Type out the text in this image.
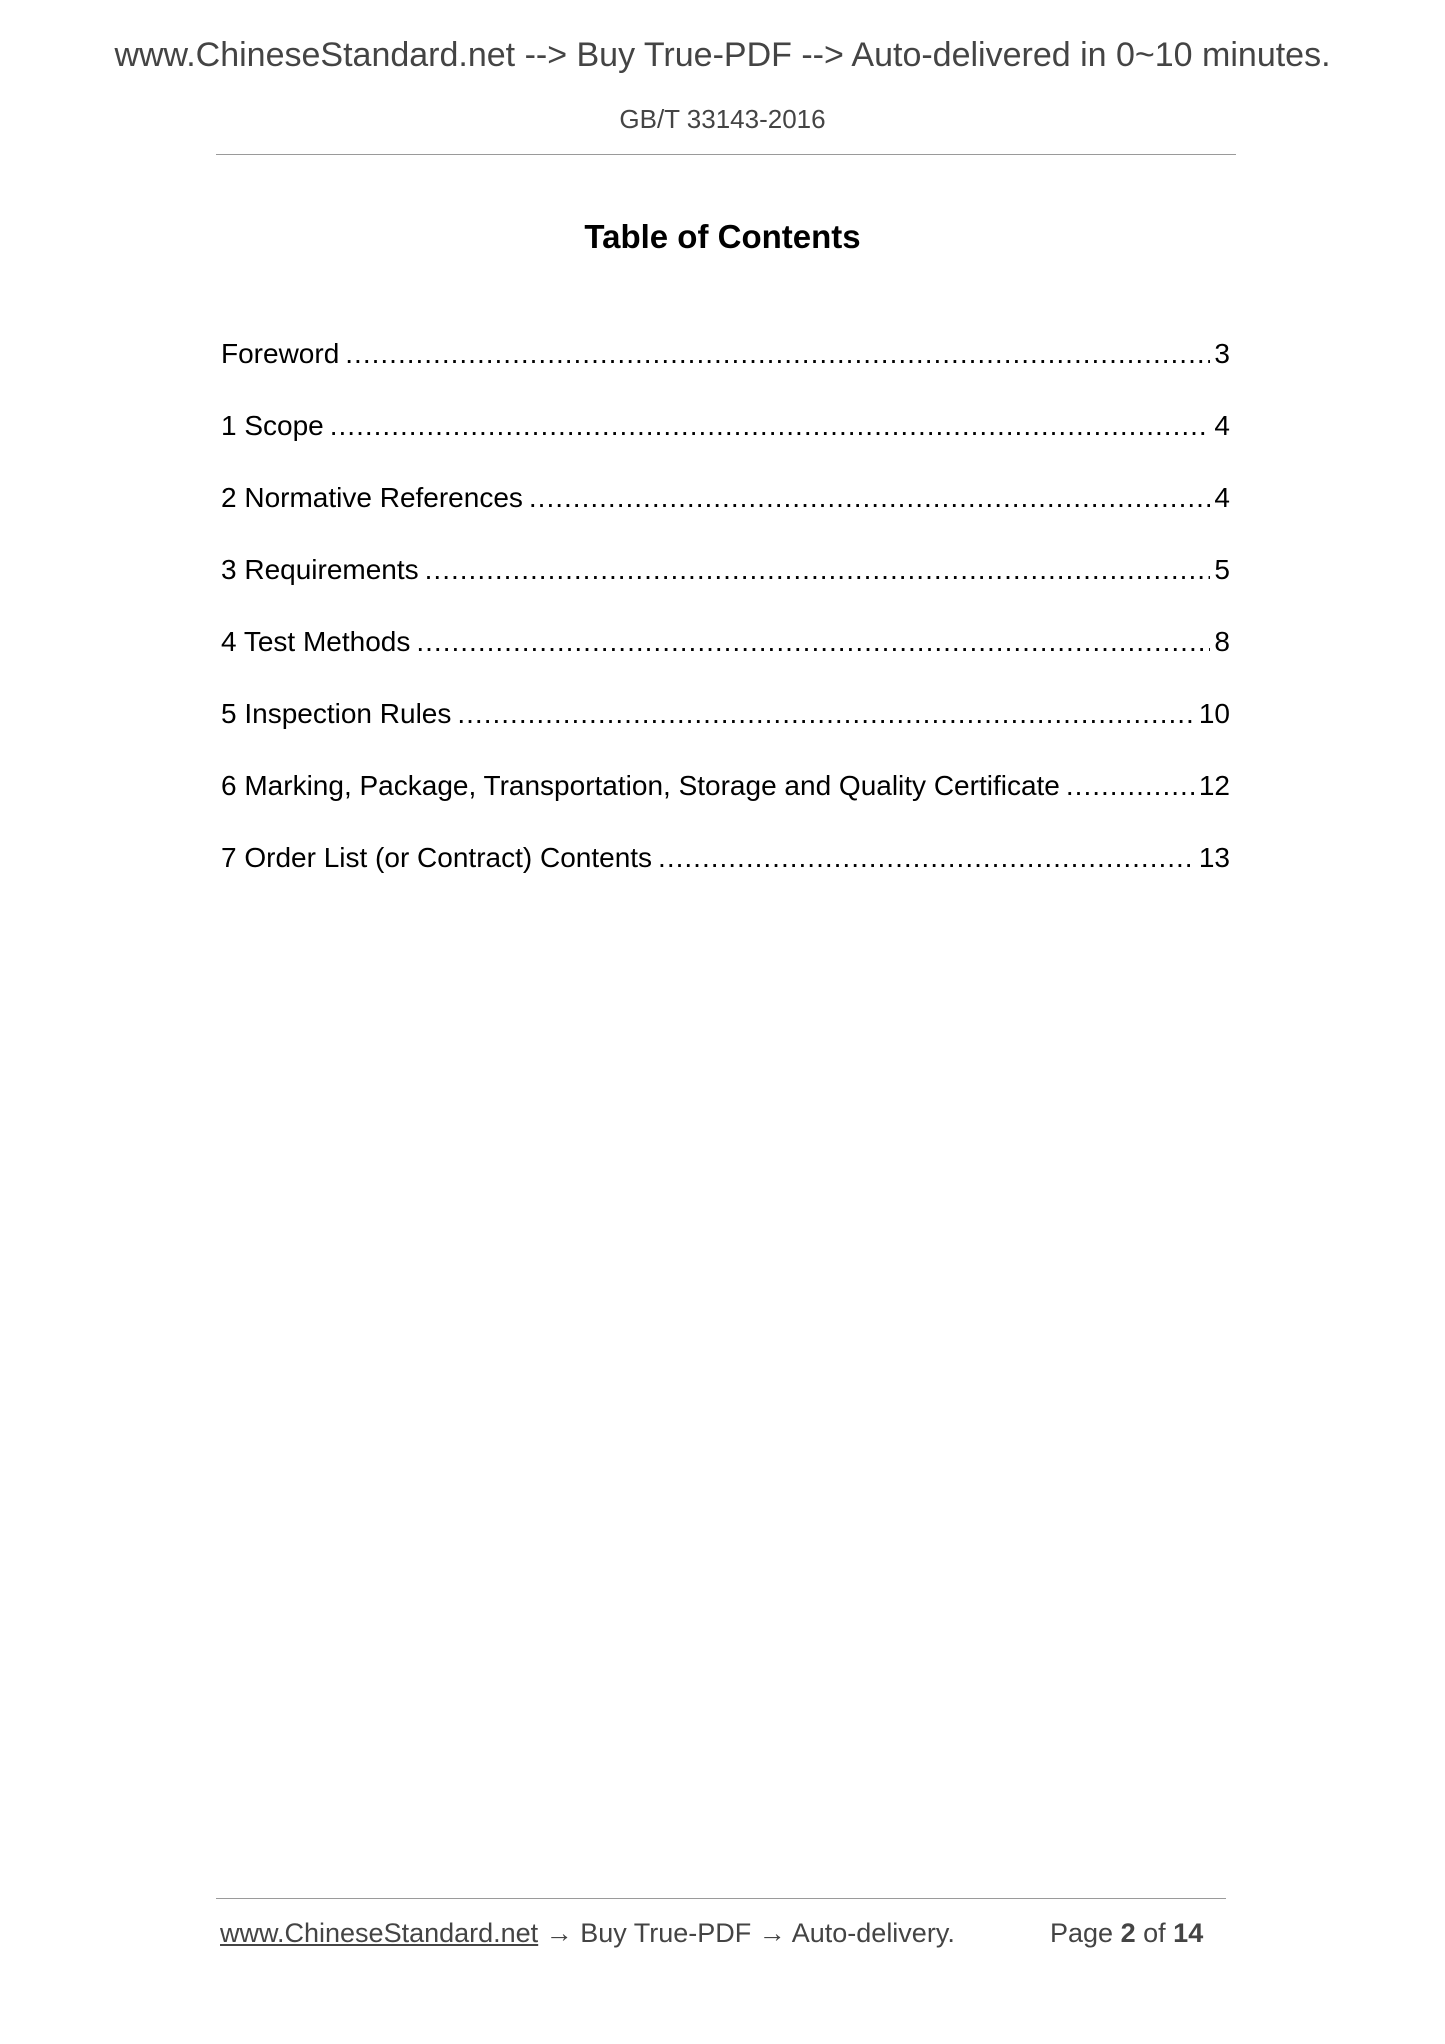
www.ChineseStandard.net --> Buy True-PDF --> Auto-delivered in 0~10 minutes.
GB/T 33143-2016
Table of Contents
Foreword .....	3
1 Scope .....	4
2 Normative References .....	4
3 Requirements .....	5
4 Test Methods .....	8
5 Inspection Rules .....	10
6 Marking, Package, Transportation, Storage and Quality Certificate .....	12
7 Order List (or Contract) Contents .....	13
www.ChineseStandard.net → Buy True-PDF → Auto-delivery.	Page 2 of 14
